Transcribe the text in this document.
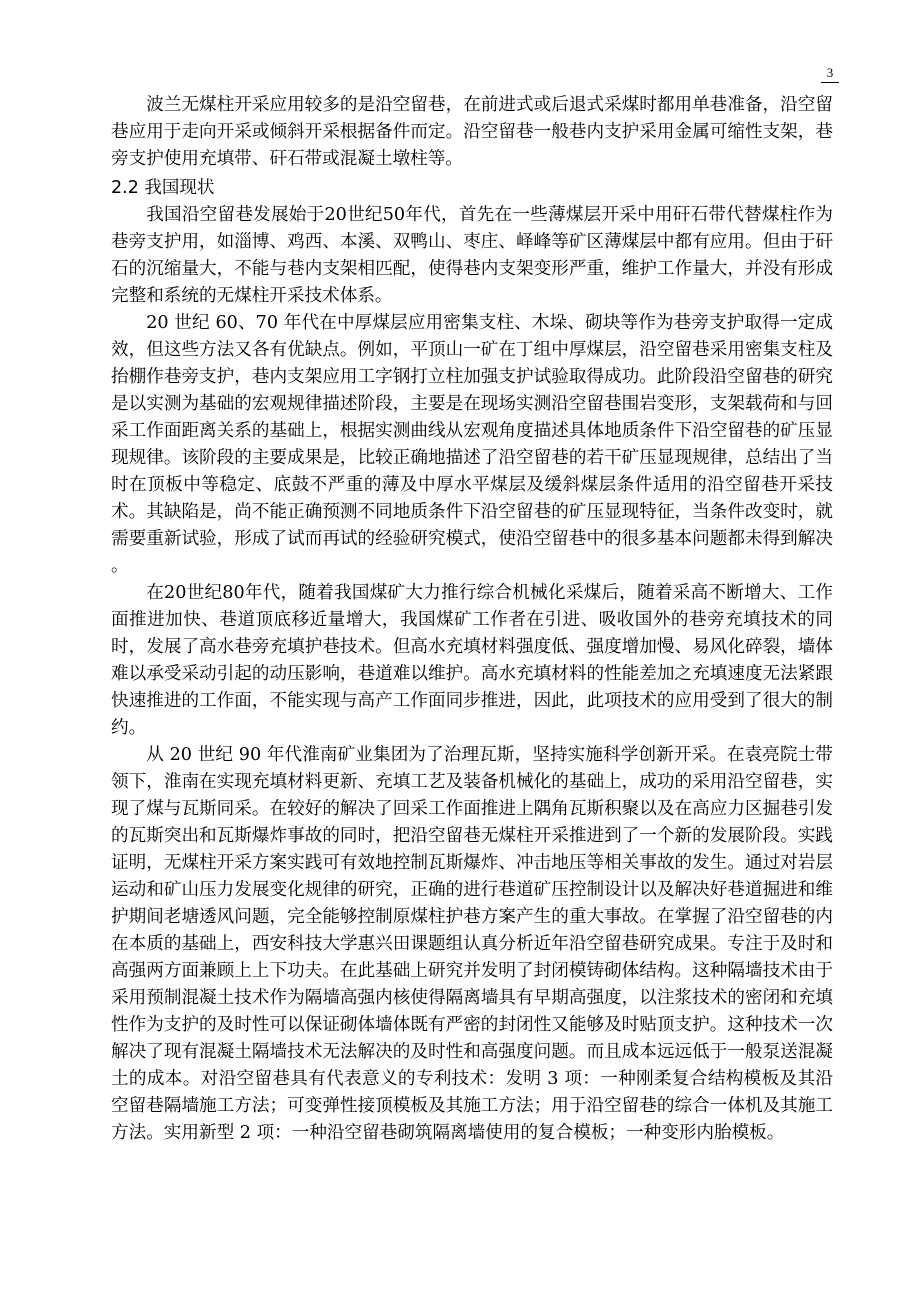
3

波兰无煤柱开采应用较多的是沿空留巷，在前进式或后退式采煤时都用单巷准备，沿空留巷应用于走向开采或倾斜开采根据备件而定。沿空留巷一般巷内支护采用金属可缩性支架，巷旁支护使用充填带、矸石带或混凝土墩柱等。

2.2 我国现状

我国沿空留巷发展始于20世纪50年代，首先在一些薄煤层开采中用矸石带代替煤柱作为巷旁支护用，如淄博、鸡西、本溪、双鸭山、枣庄、峄峰等矿区薄煤层中都有应用。但由于矸石的沉缩量大，不能与巷内支架相匹配，使得巷内支架变形严重，维护工作量大，并没有形成完整和系统的无煤柱开采技术体系。

20 世纪 60、70 年代在中厚煤层应用密集支柱、木垛、砌块等作为巷旁支护取得一定成效，但这些方法又各有优缺点。例如，平顶山一矿在丁组中厚煤层，沿空留巷采用密集支柱及抬棚作巷旁支护，巷内支架应用工字钢打立柱加强支护试验取得成功。此阶段沿空留巷的研究是以实测为基础的宏观规律描述阶段，主要是在现场实测沿空留巷围岩变形，支架载荷和与回采工作面距离关系的基础上，根据实测曲线从宏观角度描述具体地质条件下沿空留巷的矿压显现规律。该阶段的主要成果是，比较正确地描述了沿空留巷的若干矿压显现规律，总结出了当时在顶板中等稳定、底鼓不严重的薄及中厚水平煤层及缓斜煤层条件适用的沿空留巷开采技术。其缺陷是，尚不能正确预测不同地质条件下沿空留巷的矿压显现特征，当条件改变时，就需要重新试验，形成了试而再试的经验研究模式，使沿空留巷中的很多基本问题都未得到解决 。

在20世纪80年代，随着我国煤矿大力推行综合机械化采煤后，随着采高不断增大、工作面推进加快、巷道顶底移近量增大，我国煤矿工作者在引进、吸收国外的巷旁充填技术的同时，发展了高水巷旁充填护巷技术。但高水充填材料强度低、强度增加慢、易风化碎裂，墙体难以承受采动引起的动压影响，巷道难以维护。高水充填材料的性能差加之充填速度无法紧跟快速推进的工作面，不能实现与高产工作面同步推进，因此，此项技术的应用受到了很大的制约。

从 20 世纪 90 年代淮南矿业集团为了治理瓦斯，坚持实施科学创新开采。在袁亮院士带领下，淮南在实现充填材料更新、充填工艺及装备机械化的基础上，成功的采用沿空留巷，实现了煤与瓦斯同采。在较好的解决了回采工作面推进上隅角瓦斯积聚以及在高应力区掘巷引发的瓦斯突出和瓦斯爆炸事故的同时，把沿空留巷无煤柱开采推进到了一个新的发展阶段。实践证明，无煤柱开采方案实践可有效地控制瓦斯爆炸、冲击地压等相关事故的发生。通过对岩层运动和矿山压力发展变化规律的研究，正确的进行巷道矿压控制设计以及解决好巷道掘进和维护期间老塘透风问题，完全能够控制原煤柱护巷方案产生的重大事故。在掌握了沿空留巷的内在本质的基础上，西安科技大学惠兴田课题组认真分析近年沿空留巷研究成果。专注于及时和高强两方面兼顾上上下功夫。在此基础上研究并发明了封闭模铸砌体结构。这种隔墙技术由于采用预制混凝土技术作为隔墙高强内核使得隔离墙具有早期高强度，以注浆技术的密闭和充填性作为支护的及时性可以保证砌体墙体既有严密的封闭性又能够及时贴顶支护。这种技术一次解决了现有混凝土隔墙技术无法解决的及时性和高强度问题。而且成本远远低于一般泵送混凝土的成本。对沿空留巷具有代表意义的专利技术：发明 3 项：一种刚柔复合结构模板及其沿空留巷隔墙施工方法；可变弹性接顶模板及其施工方法；用于沿空留巷的综合一体机及其施工方法。实用新型 2 项：一种沿空留巷砌筑隔离墙使用的复合模板；一种变形内胎模板。
